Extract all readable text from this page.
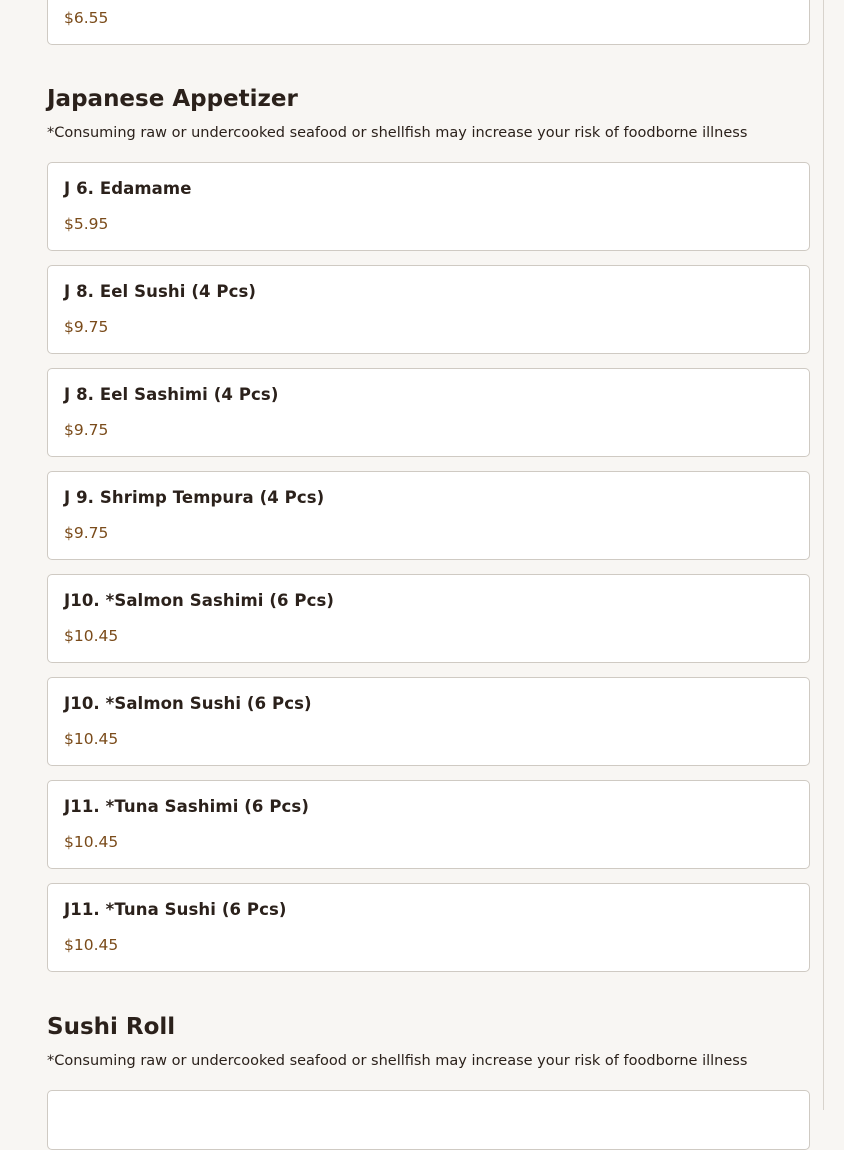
$6.55
Japanese Appetizer
*Consuming raw or undercooked seafood or shellfish may increase your risk of foodborne illness
J 6. Edamame
$5.95
J 8. Eel Sushi (4 Pcs)
$9.75
J 8. Eel Sashimi (4 Pcs)
$9.75
J 9. Shrimp Tempura (4 Pcs)
$9.75
J10. *Salmon Sashimi (6 Pcs)
$10.45
J10. *Salmon Sushi (6 Pcs)
$10.45
J11. *Tuna Sashimi (6 Pcs)
$10.45
J11. *Tuna Sushi (6 Pcs)
$10.45
Sushi Roll
*Consuming raw or undercooked seafood or shellfish may increase your risk of foodborne illness
